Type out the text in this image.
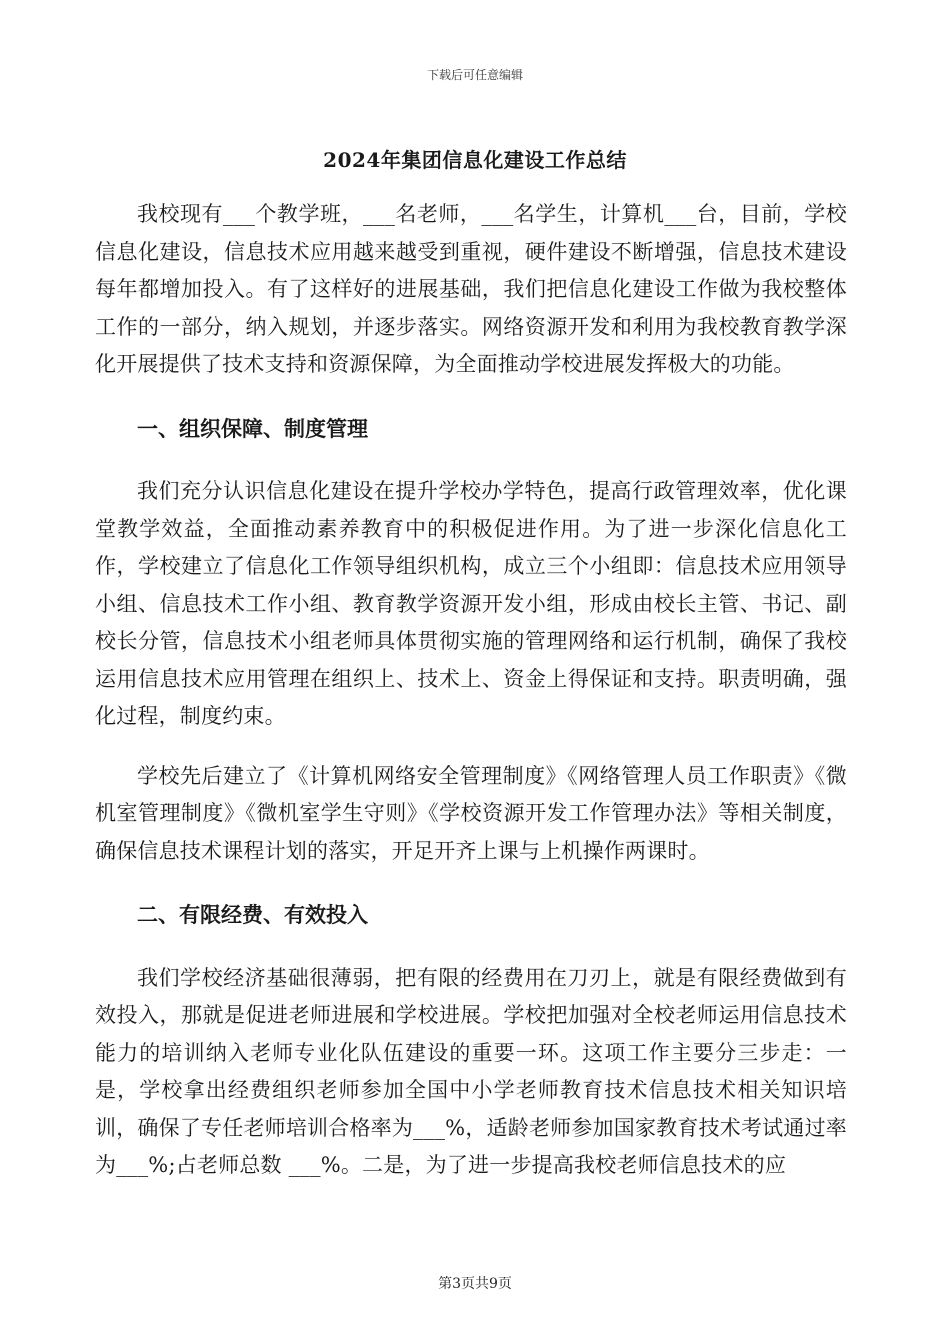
下载后可任意编辑
2024年集团信息化建设工作总结

我校现有___个教学班，___名老师，___名学生，计算机___台，目前，学校信息化建设，信息技术应用越来越受到重视，硬件建设不断增强，信息技术建设每年都增加投入。有了这样好的进展基础，我们把信息化建设工作做为我校整体工作的一部分，纳入规划，并逐步落实。网络资源开发和利用为我校教育教学深化开展提供了技术支持和资源保障，为全面推动学校进展发挥极大的功能。

一、组织保障、制度管理

我们充分认识信息化建设在提升学校办学特色，提高行政管理效率，优化课堂教学效益，全面推动素养教育中的积极促进作用。为了进一步深化信息化工作，学校建立了信息化工作领导组织机构，成立三个小组即：信息技术应用领导小组、信息技术工作小组、教育教学资源开发小组，形成由校长主管、书记、副校长分管，信息技术小组老师具体贯彻实施的管理网络和运行机制，确保了我校运用信息技术应用管理在组织上、技术上、资金上得保证和支持。职责明确，强化过程，制度约束。

学校先后建立了《计算机网络安全管理制度》《网络管理人员工作职责》《微机室管理制度》《微机室学生守则》《学校资源开发工作管理办法》等相关制度，确保信息技术课程计划的落实，开足开齐上课与上机操作两课时。

二、有限经费、有效投入

我们学校经济基础很薄弱，把有限的经费用在刀刃上，就是有限经费做到有效投入，那就是促进老师进展和学校进展。学校把加强对全校老师运用信息技术能力的培训纳入老师专业化队伍建设的重要一环。这项工作主要分三步走：一是，学校拿出经费组织老师参加全国中小学老师教育技术信息技术相关知识培训，确保了专任老师培训合格率为___%，适龄老师参加国家教育技术考试通过率为___%;占老师总数 ___%。二是，为了进一步提高我校老师信息技术的应

第3页共9页
